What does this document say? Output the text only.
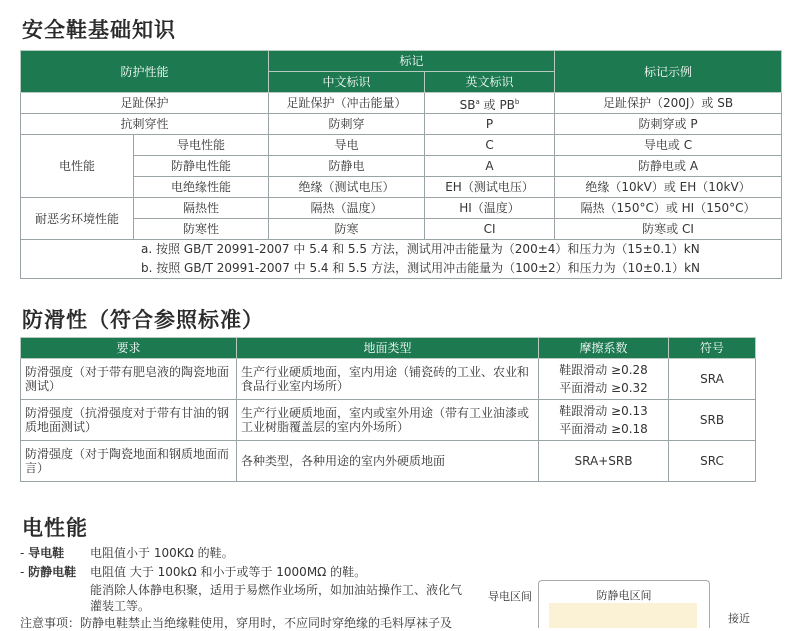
安全鞋基础知识
防护性能		标记		标记示例
		中文标识	英文标识	
足趾保护		足趾保护（冲击能量）	$SB^a$ 或 $PB^b$	足趾保护（200J）或 SB
抗刺穿性		防刺穿	P	防刺穿或 P
电性能	导电性能	导电	C	导电或 C
	防静电性能	防静电	A	防静电或 A
	电绝缘性能	绝缘（测试电压）	EH（测试电压）	绝缘（10kV）或 EH（10kV）
耐恶劣环境性能	隔热性	隔热（温度）	HI（温度）	隔热（150°C）或 HI（150°C）
	防寒性	防寒	CI	防寒或 CI

a. 按照 GB/T 20991-2007 中 5.4 和 5.5 方法，测试用冲击能量为（200±4）和压力为（15±0.1）kN
b. 按照 GB/T 20991-2007 中 5.4 和 5.5 方法，测试用冲击能量为（100±2）和压力为（10±0.1）kN				
防滑性（符合参照标准）
要求	地面类型	摩擦系数	符号
防滑强度（对于带有肥皂液的陶瓷地面测试）	生产行业硬质地面，室内用途（铺瓷砖的工业、农业和食品行业室内场所）	鞋跟滑动 ≥0.28
平面滑动 ≥0.32	SRA
防滑强度（抗滑强度对于带有甘油的钢质地面测试）	生产行业硬质地面，室内或室外用途（带有工业油漆或工业树脂覆盖层的室内外场所）	鞋跟滑动 ≥0.13
平面滑动 ≥0.18	SRB
防滑强度（对于陶瓷地面和钢质地面而言）	各种类型，各种用途的室内外硬质地面	SRA+SRB	SRC
电性能
- 导电鞋 电阻值小于 100KΩ 的鞋。
- 防静电鞋 电阻值 大于 100kΩ 和小于或等于 1000MΩ 的鞋。
能消除人体静电积聚，适用于易燃作业场所，如加油站操作工、液化气
灌装工等。
注意事项：防静电鞋禁止当绝缘鞋使用，穿用时，不应同时穿绝缘的毛料厚袜子及
导电区间	防静电区间
接近
